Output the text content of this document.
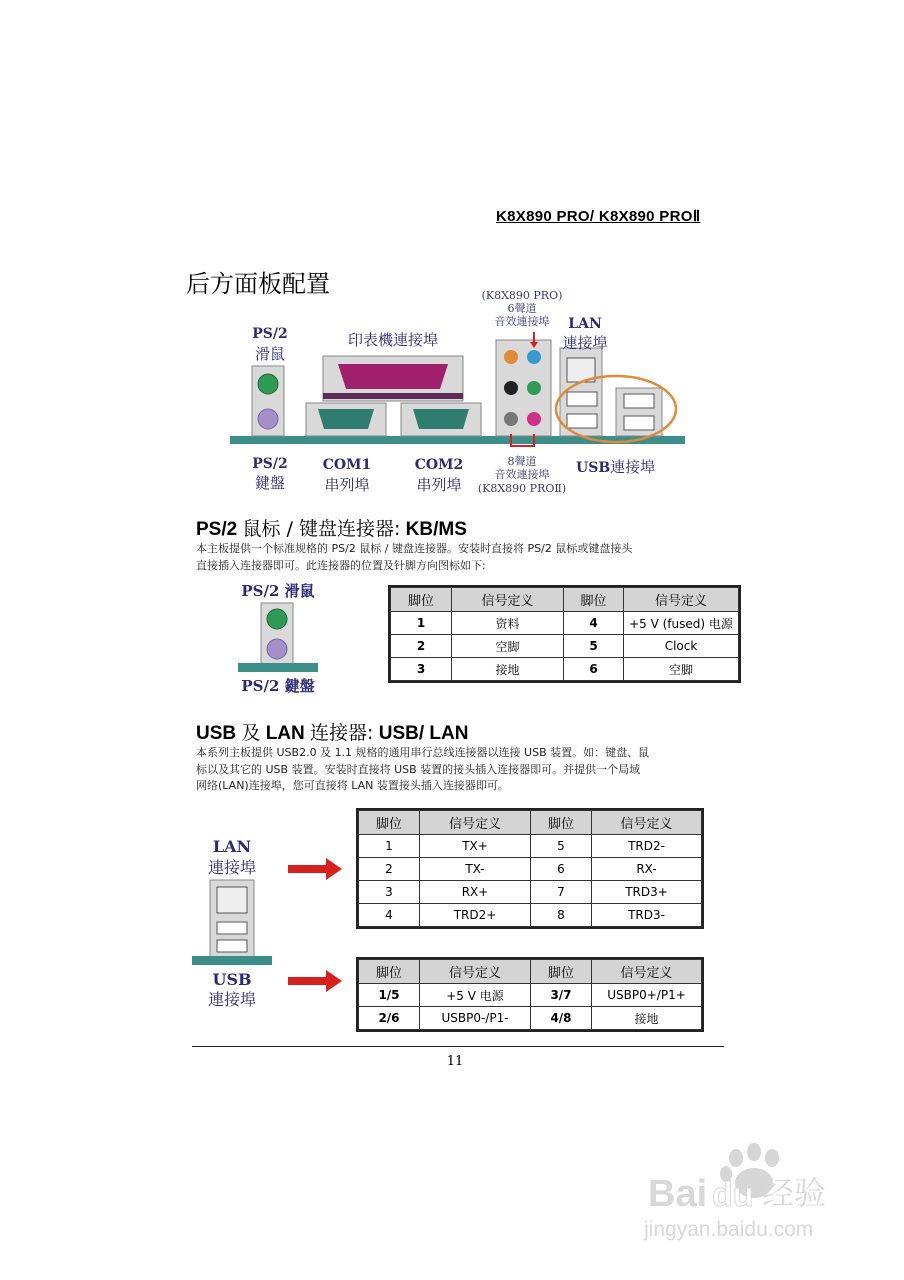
K8X890 PRO/ K8X890 PROⅡ
后方面板配置
PS/2
滑鼠
印表機連接埠
(K8X890 PRO)
6聲道
音效連接埠	LAN
連接埠
PS/2
鍵盤
COM1
串列埠
COM2
串列埠
8聲道
音效連接埠
(K8X890 PROⅡ)
USB連接埠
PS/2 鼠标 / 键盘连接器: KB/MS
本主板提供一个标准规格的 PS/2 鼠标 / 键盘连接器。安装时直接将 PS/2 鼠标或键盘接头
直接插入连接器即可。此连接器的位置及针脚方向图标如下:
PS/2 滑鼠
PS/2 鍵盤
脚位	信号定义	脚位	信号定义
1	资料	4	+5 V (fused) 电源
2	空脚	5	Clock
3	接地	6	空脚
USB 及 LAN 连接器: USB/ LAN
本系列主板提供 USB2.0 及 1.1 规格的通用串行总线连接器以连接 USB 装置。如：键盘、鼠
标以及其它的 USB 装置。安装时直接将 USB 装置的接头插入连接器即可。并提供一个局域
网络(LAN)连接埠，您可直接将 LAN 装置接头插入连接器即可。
LAN
連接埠
USB
連接埠
脚位	信号定义	脚位	信号定义
1	TX+	5	TRD2-
2	TX-	6	RX-
3	RX+	7	TRD3+
4	TRD2+	8	TRD3-
脚位	信号定义	脚位	信号定义
1/5	+5 V 电源	3/7	USBP0+/P1+
2/6	USBP0-/P1-	4/8	接地
11
Bai du 经验
jingyan.baidu.com
